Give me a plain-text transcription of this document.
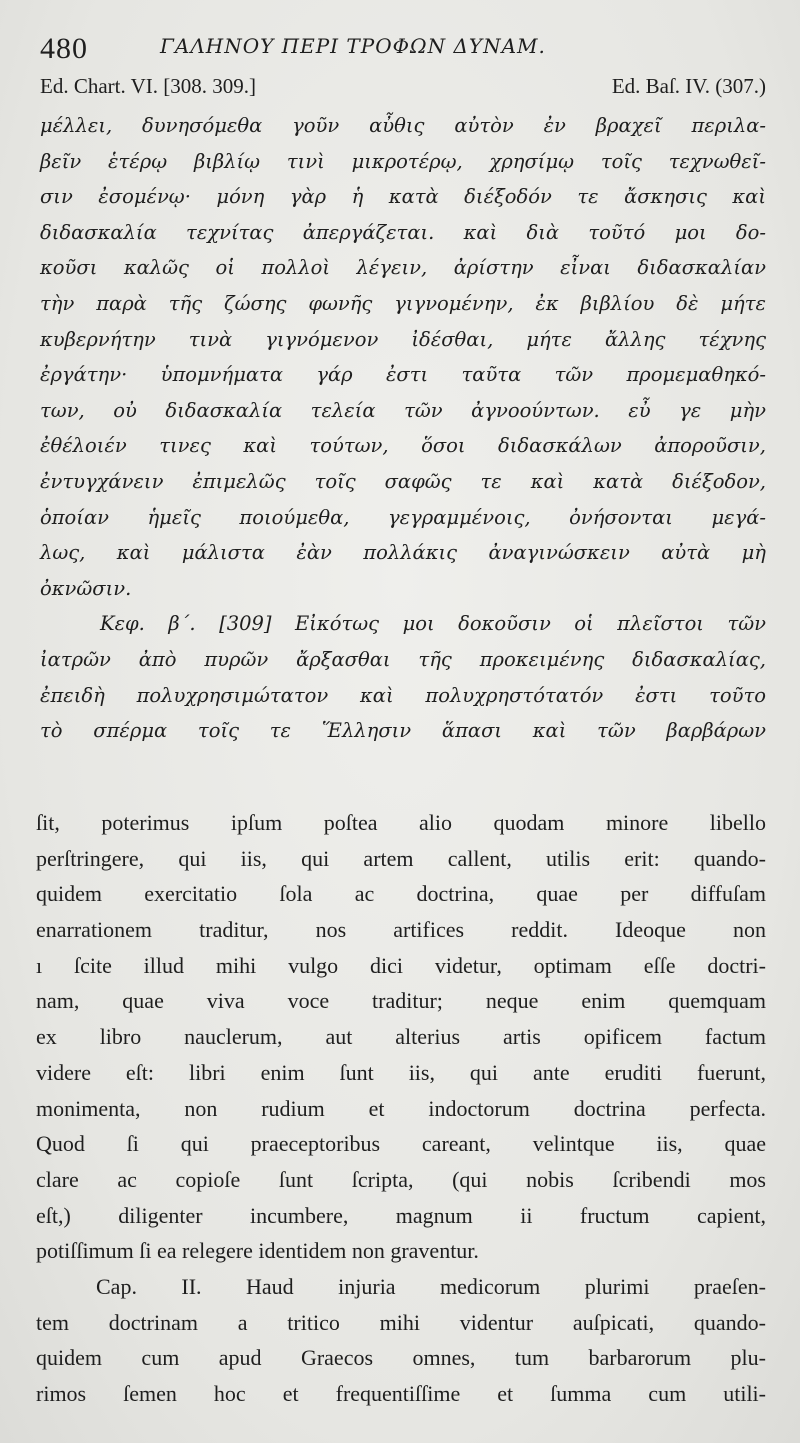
480	ΓΑΛΗΝΟΥ ΠΕΡΙ ΤΡΟΦΩΝ ΔΥΝΑΜ.
Ed. Chart. VI. [308. 309.]	Ed. Baſ. IV. (307.)
μέλλει, δυνησόμεθα γοῦν αὖθις αὐτὸν ἐν βραχεῖ περιλα-
βεῖν ἑτέρῳ βιβλίῳ τινὶ μικροτέρῳ, χρησίμῳ τοῖς τεχνωθεῖ-
σιν ἐσομένῳ· μόνη γὰρ ἡ κατὰ διέξοδόν τε ἄσκησις καὶ
διδασκαλία τεχνίτας ἀπεργάζεται. καὶ διὰ τοῦτό μοι δο-
κοῦσι καλῶς οἱ πολλοὶ λέγειν, ἀρίστην εἶναι διδασκαλίαν
τὴν παρὰ τῆς ζώσης φωνῆς γιγνομένην, ἐκ βιβλίου δὲ μήτε
κυβερνήτην τινὰ γιγνόμενον ἰδέσθαι, μήτε ἄλλης τέχνης
ἐργάτην· ὑπομνήματα γάρ ἐστι ταῦτα τῶν προμεμαθηκό-
των, οὐ διδασκαλία τελεία τῶν ἀγνοούντων. εὖ γε μὴν
ἐθέλοιέν τινες καὶ τούτων, ὅσοι διδασκάλων ἀποροῦσιν,
ἐντυγχάνειν ἐπιμελῶς τοῖς σαφῶς τε καὶ κατὰ διέξοδον,
ὁποίαν ἡμεῖς ποιούμεθα, γεγραμμένοις, ὀνήσονται μεγά-
λως, καὶ μάλιστα ἐὰν πολλάκις ἀναγινώσκειν αὐτὰ μὴ
ὀκνῶσιν.
Κεφ. β΄. [309] Εἰκότως μοι δοκοῦσιν οἱ πλεῖστοι τῶν
ἰατρῶν ἀπὸ πυρῶν ἄρξασθαι τῆς προκειμένης διδασκαλίας,
ἐπειδὴ πολυχρησιμώτατον καὶ πολυχρηστότατόν ἐστι τοῦτο
τὸ σπέρμα τοῖς τε Ἕλλησιν ἅπασι καὶ τῶν βαρβάρων
ſit, poterimus ipſum poſtea alio quodam minore libello
perſtringere, qui iis, qui artem callent, utilis erit: quando-
quidem exercitatio ſola ac doctrina, quae per diffuſam
enarrationem traditur, nos artifices reddit. Ideoque non
ı ſcite illud mihi vulgo dici videtur, optimam eſſe doctri-
nam, quae viva voce traditur; neque enim quemquam
ex libro nauclerum, aut alterius artis opificem factum
videre eſt: libri enim ſunt iis, qui ante eruditi fuerunt,
monimenta, non rudium et indoctorum doctrina perfecta.
Quod ſi qui praeceptoribus careant, velintque iis, quae
clare ac copioſe ſunt ſcripta, (qui nobis ſcribendi mos
eſt,) diligenter incumbere, magnum ii fructum capient,
potiſſimum ſi ea relegere identidem non graventur.
Cap. II. Haud injuria medicorum plurimi praeſen-
tem doctrinam a tritico mihi videntur auſpicati, quando-
quidem cum apud Graecos omnes, tum barbarorum plu-
rimos ſemen hoc et frequentiſſime et ſumma cum utili-
